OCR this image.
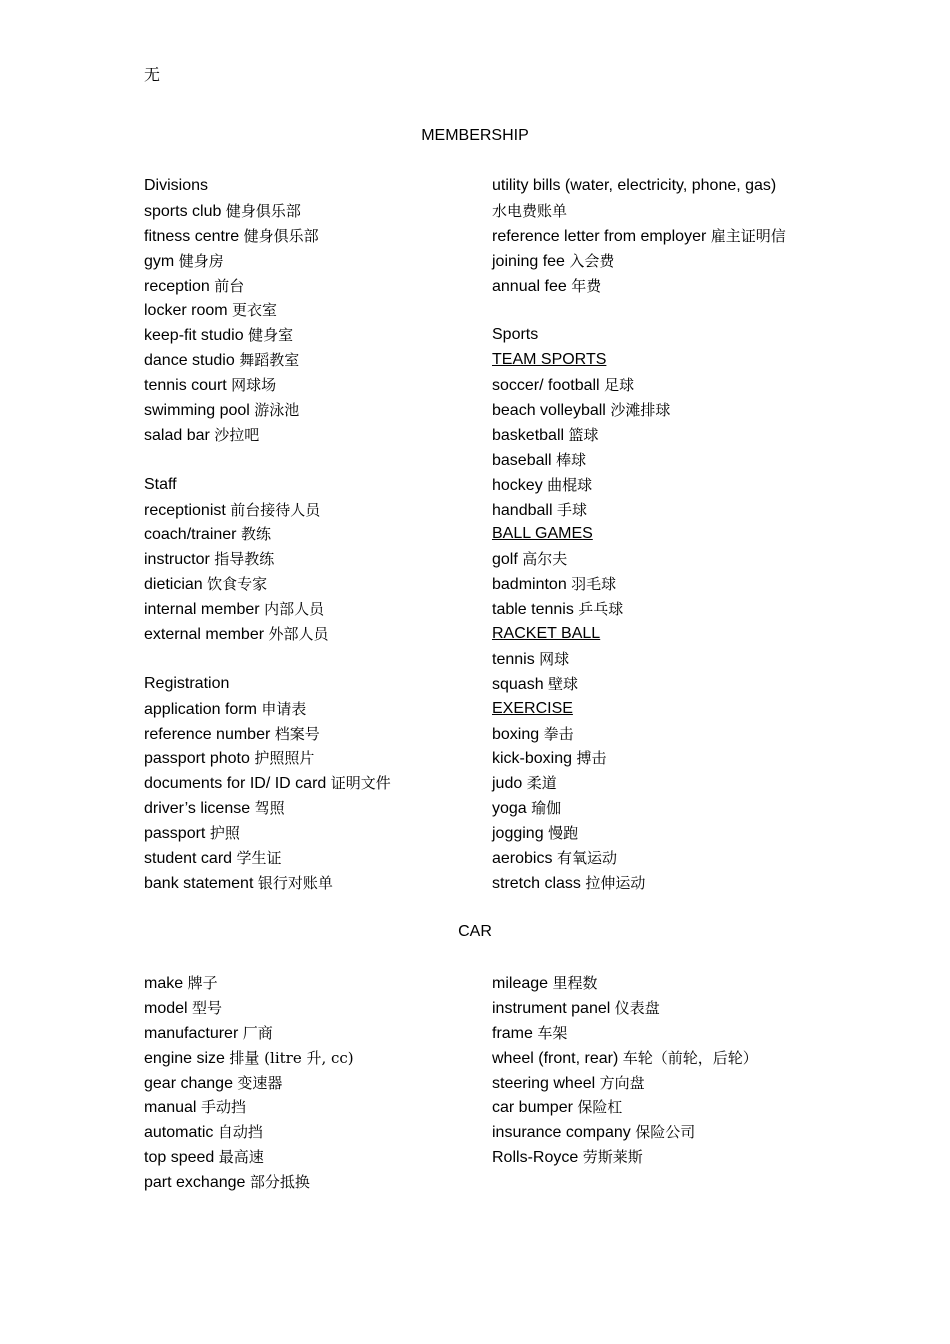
无
MEMBERSHIP
Divisions
sports club 健身俱乐部
fitness centre 健身俱乐部
gym 健身房
reception 前台
locker room 更衣室
keep-fit studio 健身室
dance studio 舞蹈教室
tennis court 网球场
swimming pool 游泳池
salad bar 沙拉吧
Staff
receptionist 前台接待人员
coach/trainer 教练
instructor 指导教练
dietician 饮食专家
internal member 内部人员
external member 外部人员
Registration
application form 申请表
reference number 档案号
passport photo 护照照片
documents for ID/ ID card 证明文件
driver’s license 驾照
passport 护照
student card 学生证
bank statement 银行对账单
utility bills (water, electricity, phone, gas)
水电费账单
reference letter from employer 雇主证明信
joining fee 入会费
annual fee 年费
Sports
TEAM SPORTS
soccer/ football 足球
beach volleyball 沙滩排球
basketball 篮球
baseball 棒球
hockey 曲棍球
handball 手球
BALL GAMES
golf 高尔夫
badminton 羽毛球
table tennis 乒乓球
RACKET BALL
tennis 网球
squash 壁球
EXERCISE
boxing 拳击
kick-boxing 搏击
judo 柔道
yoga 瑜伽
jogging 慢跑
aerobics 有氧运动
stretch class 拉伸运动
CAR
make 牌子
model 型号
manufacturer 厂商
engine size 排量 (litre 升, cc)
gear change 变速器
manual 手动挡
automatic 自动挡
top speed 最高速
part exchange 部分抵换
mileage 里程数
instrument panel 仪表盘
frame 车架
wheel (front, rear) 车轮（前轮，后轮）
steering wheel 方向盘
car bumper 保险杠
insurance company 保险公司
Rolls-Royce 劳斯莱斯
